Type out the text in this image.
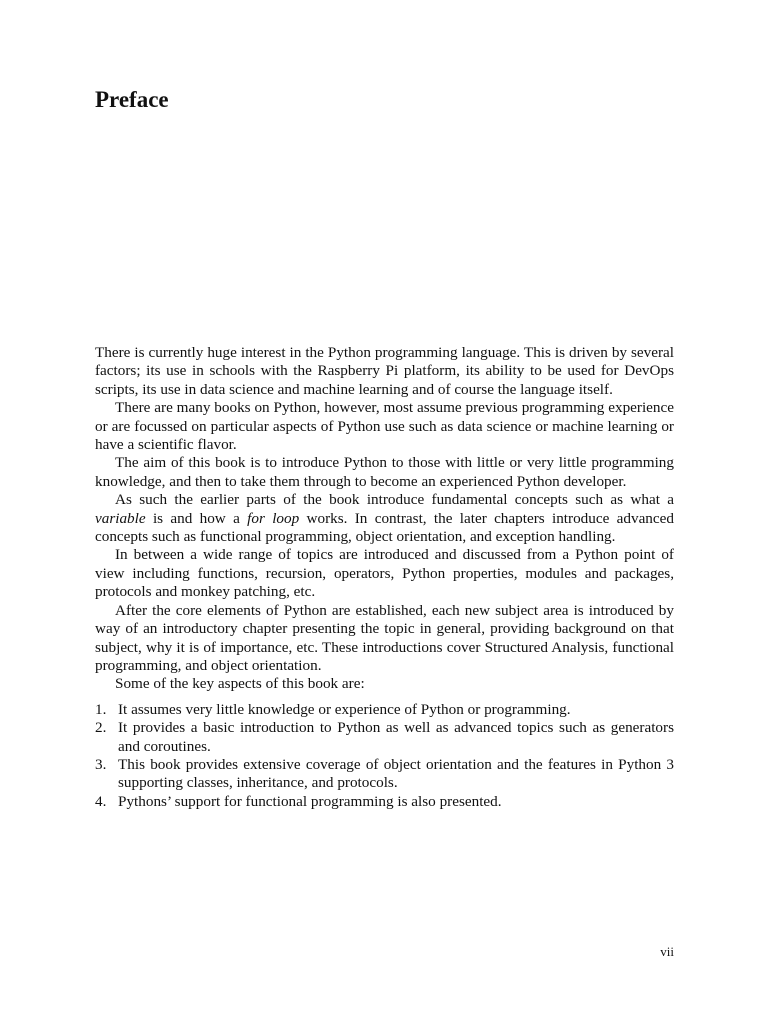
Preface

There is currently huge interest in the Python programming language. This is driven by several factors; its use in schools with the Raspberry Pi platform, its ability to be used for DevOps scripts, its use in data science and machine learning and of course the language itself.

There are many books on Python, however, most assume previous programming experience or are focussed on particular aspects of Python use such as data science or machine learning or have a scientific flavor.

The aim of this book is to introduce Python to those with little or very little programming knowledge, and then to take them through to become an experienced Python developer.

As such the earlier parts of the book introduce fundamental concepts such as what a variable is and how a for loop works. In contrast, the later chapters introduce advanced concepts such as functional programming, object orientation, and exception handling.

In between a wide range of topics are introduced and discussed from a Python point of view including functions, recursion, operators, Python properties, modules and packages, protocols and monkey patching, etc.

After the core elements of Python are established, each new subject area is introduced by way of an introductory chapter presenting the topic in general, providing background on that subject, why it is of importance, etc. These introductions cover Structured Analysis, functional programming, and object orientation.

Some of the key aspects of this book are:

1. It assumes very little knowledge or experience of Python or programming.
2. It provides a basic introduction to Python as well as advanced topics such as generators and coroutines.
3. This book provides extensive coverage of object orientation and the features in Python 3 supporting classes, inheritance, and protocols.
4. Pythons’ support for functional programming is also presented.
vii
